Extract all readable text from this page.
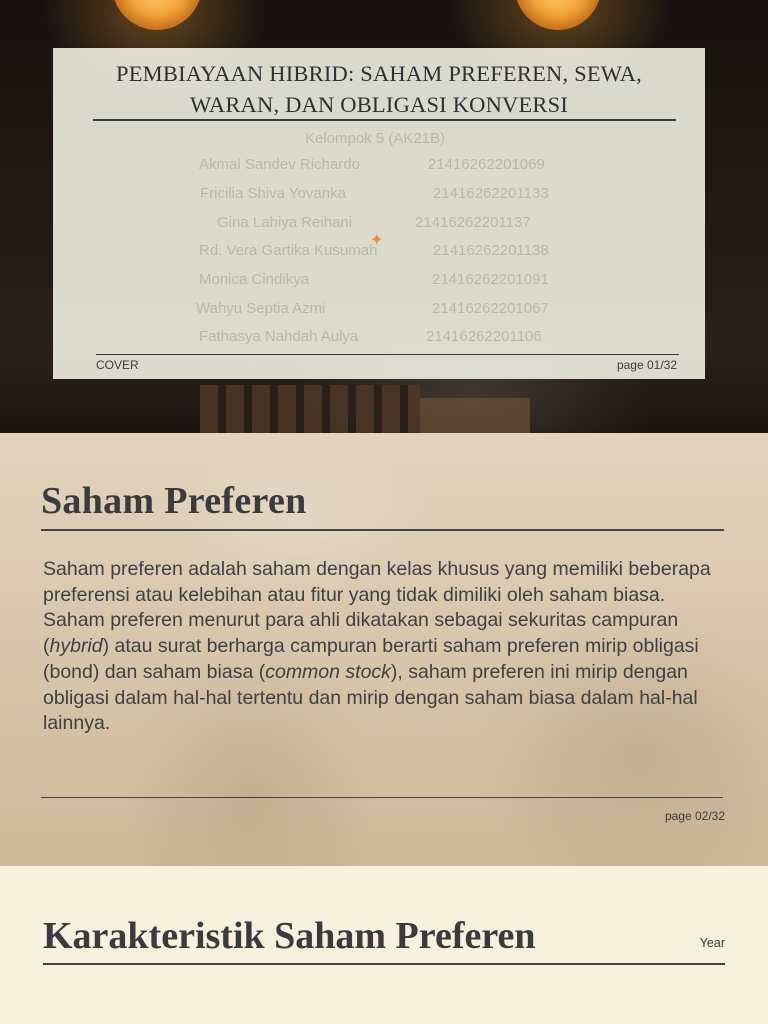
PEMBIAYAAN HIBRID: SAHAM PREFEREN, SEWA,
WARAN, DAN OBLIGASI KONVERSI
Kelompok 5 (AK21B)
Akmal Sandev Richardo	21416262201069
Fricilia Shiva Yovanka	21416262201133
Gina Lahiya Reihani	21416262201137
Rd. Vera Gartika Kusumah	21416262201138
Monica Cindikya	21416262201091
Wahyu Septia Azmi	21416262201067
Fathasya Nahdah Aulya	21416262201106
✦
COVER	page 01/32
Saham Preferen

Saham preferen adalah saham dengan kelas khusus yang memiliki beberapa preferensi atau kelebihan atau fitur yang tidak dimiliki oleh saham biasa. Saham preferen menurut para ahli dikatakan sebagai sekuritas campuran (hybrid) atau surat berharga campuran berarti saham preferen mirip obligasi (bond) dan saham biasa (common stock), saham preferen ini mirip dengan obligasi dalam hal-hal tertentu dan mirip dengan saham biasa dalam hal-hal lainnya.

page 02/32
Karakteristik Saham Preferen	Year
